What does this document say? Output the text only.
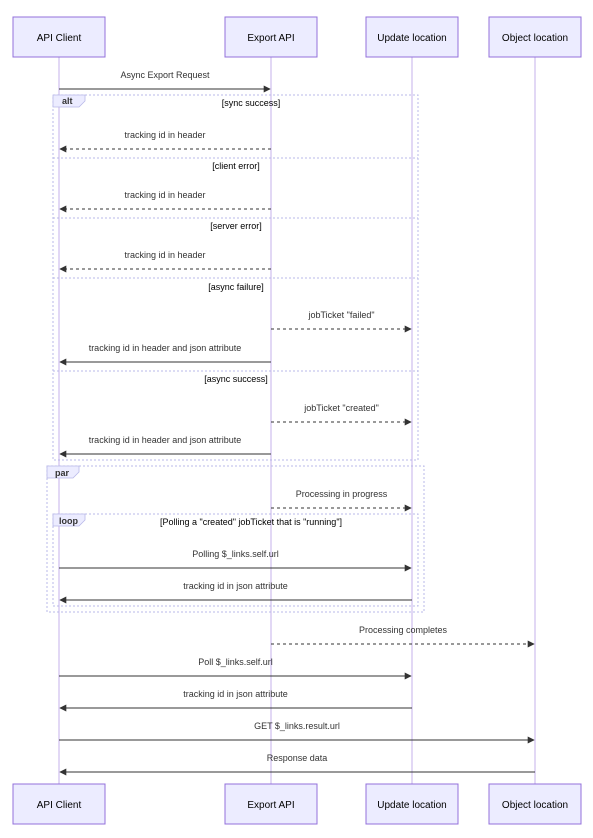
alt	[sync success]
[client error]
[server error]
[async failure]
[async success]
par
loop	[Polling a "created" jobTicket that is "running"]
Async Export Request
tracking id in header
tracking id in header
tracking id in header
jobTicket "failed"
tracking id in header and json attribute
jobTicket "created"
tracking id in header and json attribute
Processing in progress
Polling $_links.self.url
tracking id in json attribute
Processing completes
Poll $_links.self.url
tracking id in json attribute
GET $_links.result.url
Response data
API Client	Export API	Update location	Object location
API Client	Export API	Update location	Object location
